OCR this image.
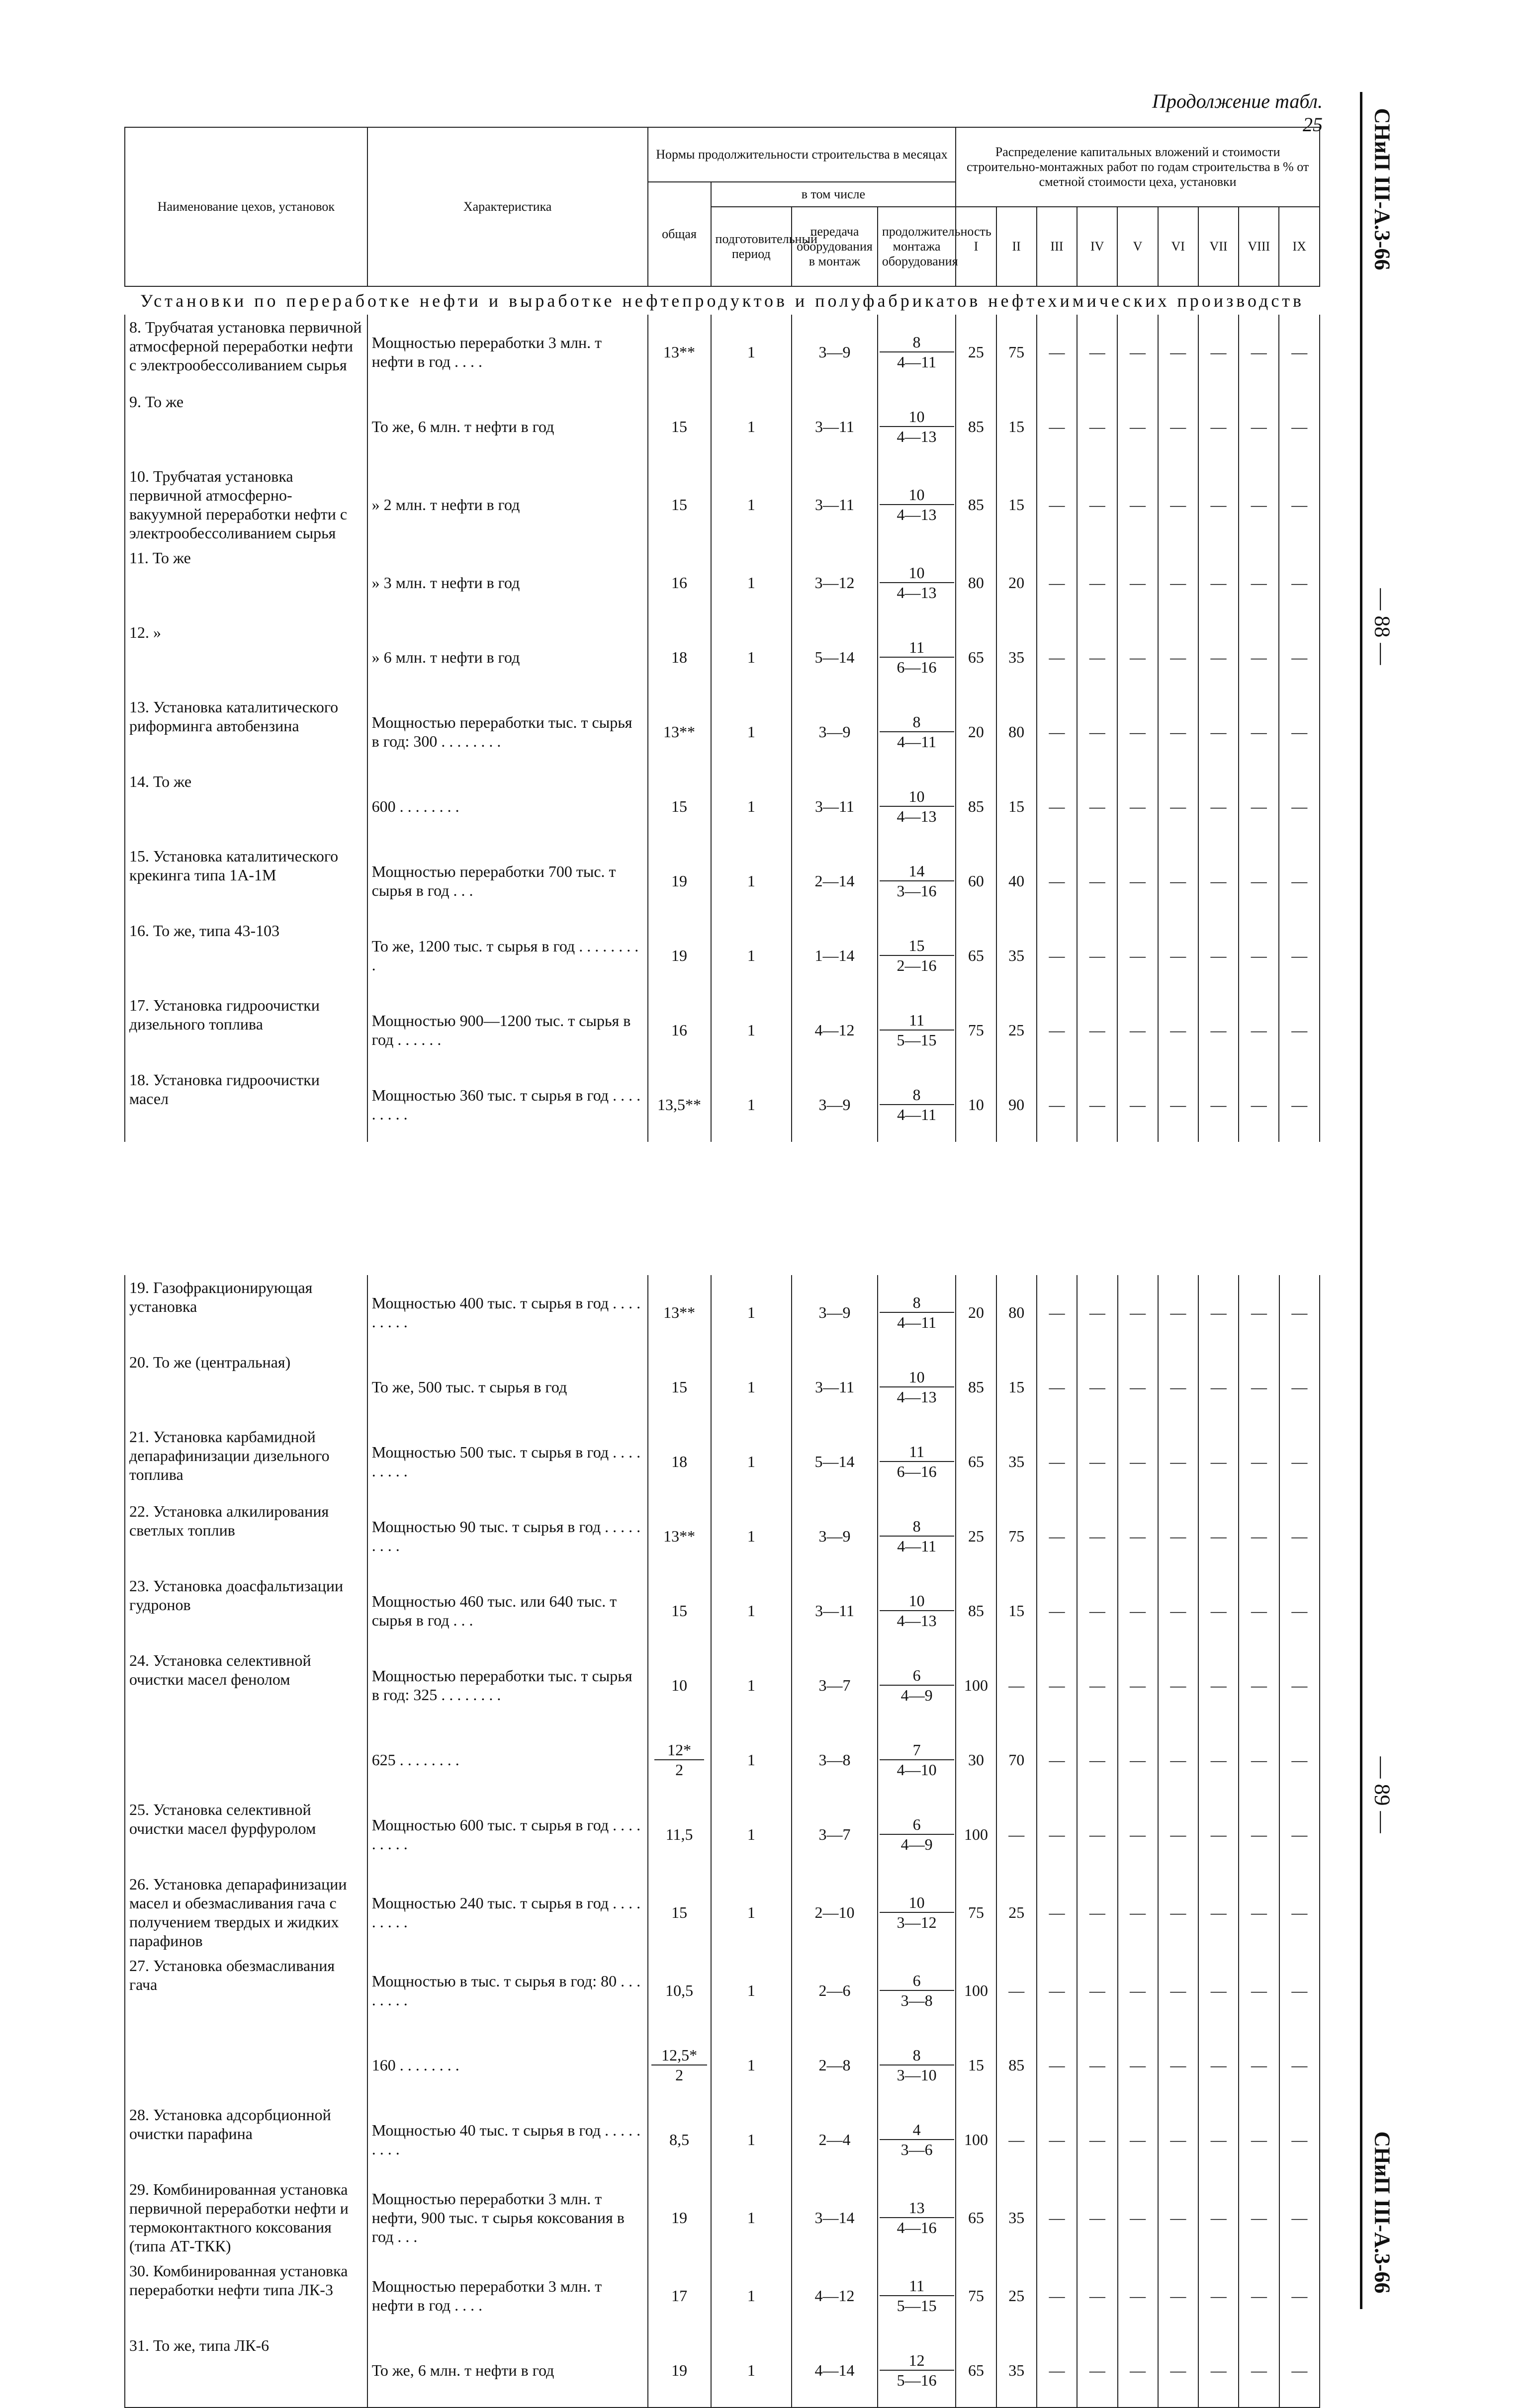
Продолжение табл. 25 СНиП III-А.3-66
— 88 —
— 89 —
СНиП III-А.3-66
Наименование цехов, установок	Характеристика	Нормы продолжительности строительства в месяцах				Распределение капитальных вложений и стоимости строительно-монтажных работ по годам строительства в % от сметной стоимости цеха, установки								
		общая	в том числе											
			подготовительный период	передача оборудования в монтаж	продолжительность монтажа оборудования	I	II	III	IV	V	VI	VII	VIII	IX
Установки по переработке нефти и выработке нефтепродуктов и полуфабрикатов нефтехимических производств														
8. Трубчатая установка первичной атмосферной переработки нефти с электрообессоливанием сырья	Мощностью переработки 3 млн. т нефти в год . . . .	13**	1	3—9	$\frac{8}{4—11}$	25	75	—	—	—	—	—	—	—
9. То же	То же, 6 млн. т нефти в год	15	1	3—11	$\frac{10}{4—13}$	85	15	—	—	—	—	—	—	—
10. Трубчатая установка первичной атмосферно-вакуумной переработки нефти с электрообессоливанием сырья	» 2 млн. т нефти в год	15	1	3—11	$\frac{10}{4—13}$	85	15	—	—	—	—	—	—	—
11. То же	» 3 млн. т нефти в год	16	1	3—12	$\frac{10}{4—13}$	80	20	—	—	—	—	—	—	—
12. »	» 6 млн. т нефти в год	18	1	5—14	$\frac{11}{6—16}$	65	35	—	—	—	—	—	—	—
13. Установка каталитического риформинга автобензина	Мощностью переработки тыс. т сырья в год: 300 . . . . . . . .	13**	1	3—9	$\frac{8}{4—11}$	20	80	—	—	—	—	—	—	—
14. То же	600 . . . . . . . .	15	1	3—11	$\frac{10}{4—13}$	85	15	—	—	—	—	—	—	—
15. Установка каталитического крекинга типа 1А-1М	Мощностью переработки 700 тыс. т сырья в год . . .	19	1	2—14	$\frac{14}{3—16}$	60	40	—	—	—	—	—	—	—
16. То же, типа 43-103	То же, 1200 тыс. т сырья в год . . . . . . . . .	19	1	1—14	$\frac{15}{2—16}$	65	35	—	—	—	—	—	—	—
17. Установка гидроочистки дизельного топлива	Мощностью 900—1200 тыс. т сырья в год . . . . . .	16	1	4—12	$\frac{11}{5—15}$	75	25	—	—	—	—	—	—	—
18. Установка гидроочистки масел	Мощностью 360 тыс. т сырья в год . . . . . . . . .	13,5**	1	3—9	$\frac{8}{4—11}$	10	90	—	—	—	—	—	—	—
19. Газофракционирующая установка	Мощностью 400 тыс. т сырья в год . . . . . . . . .	13**	1	3—9	$\frac{8}{4—11}$	20	80	—	—	—	—	—	—	—
20. То же (центральная)	То же, 500 тыс. т сырья в год	15	1	3—11	$\frac{10}{4—13}$	85	15	—	—	—	—	—	—	—
21. Установка карбамидной депарафинизации дизельного топлива	Мощностью 500 тыс. т сырья в год . . . . . . . . .	18	1	5—14	$\frac{11}{6—16}$	65	35	—	—	—	—	—	—	—
22. Установка алкилирования светлых топлив	Мощностью 90 тыс. т сырья в год . . . . . . . . .	13**	1	3—9	$\frac{8}{4—11}$	25	75	—	—	—	—	—	—	—
23. Установка доасфальтизации гудронов	Мощностью 460 тыс. или 640 тыс. т сырья в год . . .	15	1	3—11	$\frac{10}{4—13}$	85	15	—	—	—	—	—	—	—
24. Установка селективной очистки масел фенолом	Мощностью переработки тыс. т сырья в год: 325 . . . . . . . .	10	1	3—7	$\frac{6}{4—9}$	100	—	—	—	—	—	—	—	—
	625 . . . . . . . .	$\frac{12*}{2}$	1	3—8	$\frac{7}{4—10}$	30	70	—	—	—	—	—	—	—
25. Установка селективной очистки масел фурфуролом	Мощностью 600 тыс. т сырья в год . . . . . . . . .	11,5	1	3—7	$\frac{6}{4—9}$	100	—	—	—	—	—	—	—	—
26. Установка депарафинизации масел и обезмасливания гача с получением твердых и жидких парафинов	Мощностью 240 тыс. т сырья в год . . . . . . . . .	15	1	2—10	$\frac{10}{3—12}$	75	25	—	—	—	—	—	—	—
27. Установка обезмасливания гача	Мощностью в тыс. т сырья в год: 80 . . . . . . . .	10,5	1	2—6	$\frac{6}{3—8}$	100	—	—	—	—	—	—	—	—
	160 . . . . . . . .	$\frac{12,5*}{2}$	1	2—8	$\frac{8}{3—10}$	15	85	—	—	—	—	—	—	—
28. Установка адсорбционной очистки парафина	Мощностью 40 тыс. т сырья в год . . . . . . . . .	8,5	1	2—4	$\frac{4}{3—6}$	100	—	—	—	—	—	—	—	—
29. Комбинированная установка первичной переработки нефти и термоконтактного коксования (типа АТ-ТКК)	Мощностью переработки 3 млн. т нефти, 900 тыс. т сырья коксования в год . . .	19	1	3—14	$\frac{13}{4—16}$	65	35	—	—	—	—	—	—	—
30. Комбинированная установка переработки нефти типа ЛК-3	Мощностью переработки 3 млн. т нефти в год . . . .	17	1	4—12	$\frac{11}{5—15}$	75	25	—	—	—	—	—	—	—
31. То же, типа ЛК-6	То же, 6 млн. т нефти в год	19	1	4—14	$\frac{12}{5—16}$	65	35	—	—	—	—	—	—	—
